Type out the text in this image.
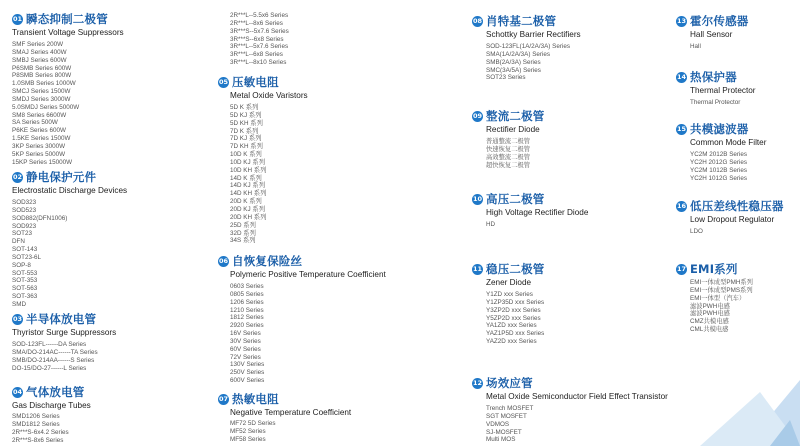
01 瞬态抑制二极管
Transient Voltage Suppressors
SMF Series 200W
SMAJ Series 400W
SMBJ Series 600W
P6SMB Series 600W
P8SMB Series 800W
1.0SMB Series 1000W
SMCJ Series 1500W
SMDJ Series 3000W
5.0SMDJ Series 5000W
SM8 Series 6600W
SA Series 500W
P6KE Series 600W
1.5KE Series 1500W
3KP Series 3000W
5KP Series 5000W
15KP Series 15000W
02 静电保护元件
Electrostatic Discharge Devices
SOD323
SOD523
SOD882(DFN1006)
SOD923
SOT23
DFN
SOT-143
SOT23-6L
SOP-8
SOT-553
SOT-353
SOT-563
SOT-363
SMD
03 半导体放电管
Thyristor Surge Suppressors
SOD-123FL------DA Series
SMA/DO-214AC------TA Series
SMB/DO-214AA------S Series
DO-15/DO-27------L Series
04 气体放电管
Gas Discharge Tubes
SMD1206 Series
SMD1812 Series
2R***S-6x4.2 Series
2R***S-8x6 Series
2R***L--5.5x6 Series
2R***L--8x6 Series
3R***S--5x7.6 Series
3R***S--6x8 Series
3R***L--5x7.6 Series
3R***L--6x8 Series
3R***L--8x10 Series
05 压敏电阻
Metal Oxide Varistors
5D K 系列
5D KJ 系列
5D KH 系列
7D K 系列
7D KJ 系列
7D KH 系列
10D K 系列
10D KJ 系列
10D KH 系列
14D K 系列
14D KJ 系列
14D KH 系列
20D K 系列
20D KJ 系列
20D KH 系列
25D 系列
32D 系列
34S 系列
06 自恢复保险丝
Polymeric Positive Temperature Coefficient
0603 Series
0805 Series
1206 Series
1210 Series
1812 Series
2920 Series
16V Series
30V Series
60V Series
72V Series
130V Series
250V Series
600V Series
07 热敏电阻
Negative Temperature Coefficient
MF72 5D Series
MF52 Series
MF58 Series
08 肖特基二极管
Schottky Barrier Rectifiers
SOD-123FL(1A/2A/3A) Series
SMA(1A/2A/3A) Series
SMB(2A/3A) Series
SMC(3A/5A) Series
SOT23 Series
09 整流二极管
Rectifier Diode
普通整流二极管
快速恢复二极管
高效整流二极管
超快恢复二极管
10 高压二极管
High Voltage Rectifier Diode
HD
11 稳压二极管
Zener Diode
Y1ZD xxx Series
Y1ZP35D xxx Series
Y3ZP2D xxx Series
Y5ZP2D xxx Series
YA1ZD xxx Series
YAZ1P5D xxx Series
YAZ2D xxx Series
12 场效应管
Metal Oxide Semiconductor Field Effect Transistor
Trench MOSFET
SGT MOSFET
VDMOS
SJ-MOSFET
Multi MOS
13 霍尔传感器
Hall Sensor
Hall
14 热保护器
Thermal Protector
Thermal Protector
15 共模滤波器
Common Mode Filter
YC2M 2012B Series
YC2H 2012G Series
YC2M 1012B Series
YC2H 1012G Series
16 低压差线性稳压器
Low Dropout Regulator
LDO
17 EMI系列
EMI一体成型PMH系列
EMI一体成型PMS系列
EMI一体型（汽车）
滤波PWH电感
滤波PWH电感
CMZ共模电感
CML共模电感
